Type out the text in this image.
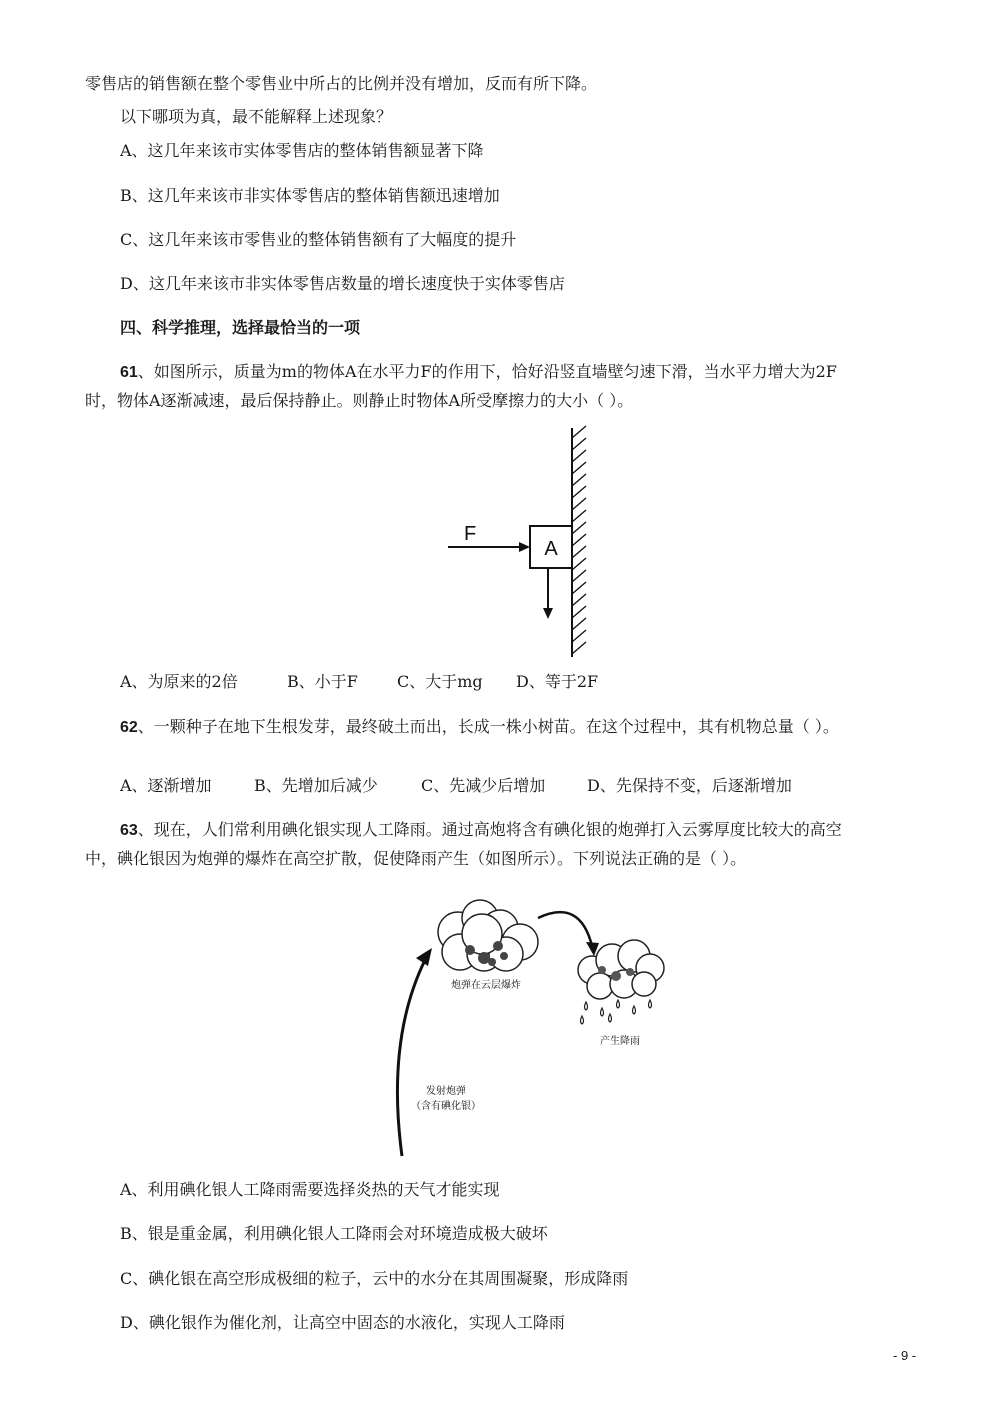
零售店的销售额在整个零售业中所占的比例并没有增加，反而有所下降。
以下哪项为真，最不能解释上述现象？
A、这几年来该市实体零售店的整体销售额显著下降
B、这几年来该市非实体零售店的整体销售额迅速增加
C、这几年来该市零售业的整体销售额有了大幅度的提升
D、这几年来该市非实体零售店数量的增长速度快于实体零售店
四、科学推理，选择最恰当的一项
61、如图所示，质量为m的物体A在水平力F的作用下，恰好沿竖直墙壁匀速下滑，当水平力增大为2F
时，物体A逐渐减速，最后保持静止。则静止时物体A所受摩擦力的大小（ ）。
A
F
A、为原来的2倍	B、小于F C、大于mg D、等于2F
62、一颗种子在地下生根发芽，最终破土而出，长成一株小树苗。在这个过程中，其有机物总量（ ）。
A、逐渐增加	B、先增加后减少	C、先减少后增加	D、先保持不变，后逐渐增加
63、现在，人们常利用碘化银实现人工降雨。通过高炮将含有碘化银的炮弹打入云雾厚度比较大的高空
中，碘化银因为炮弹的爆炸在高空扩散，促使降雨产生（如图所示）。下列说法正确的是（ ）。
炮弹在云层爆炸
产生降雨
发射炮弹
（含有碘化银）
A、利用碘化银人工降雨需要选择炎热的天气才能实现
B、银是重金属，利用碘化银人工降雨会对环境造成极大破坏
C、碘化银在高空形成极细的粒子，云中的水分在其周围凝聚，形成降雨
D、碘化银作为催化剂，让高空中固态的水液化，实现人工降雨
- 9 -
